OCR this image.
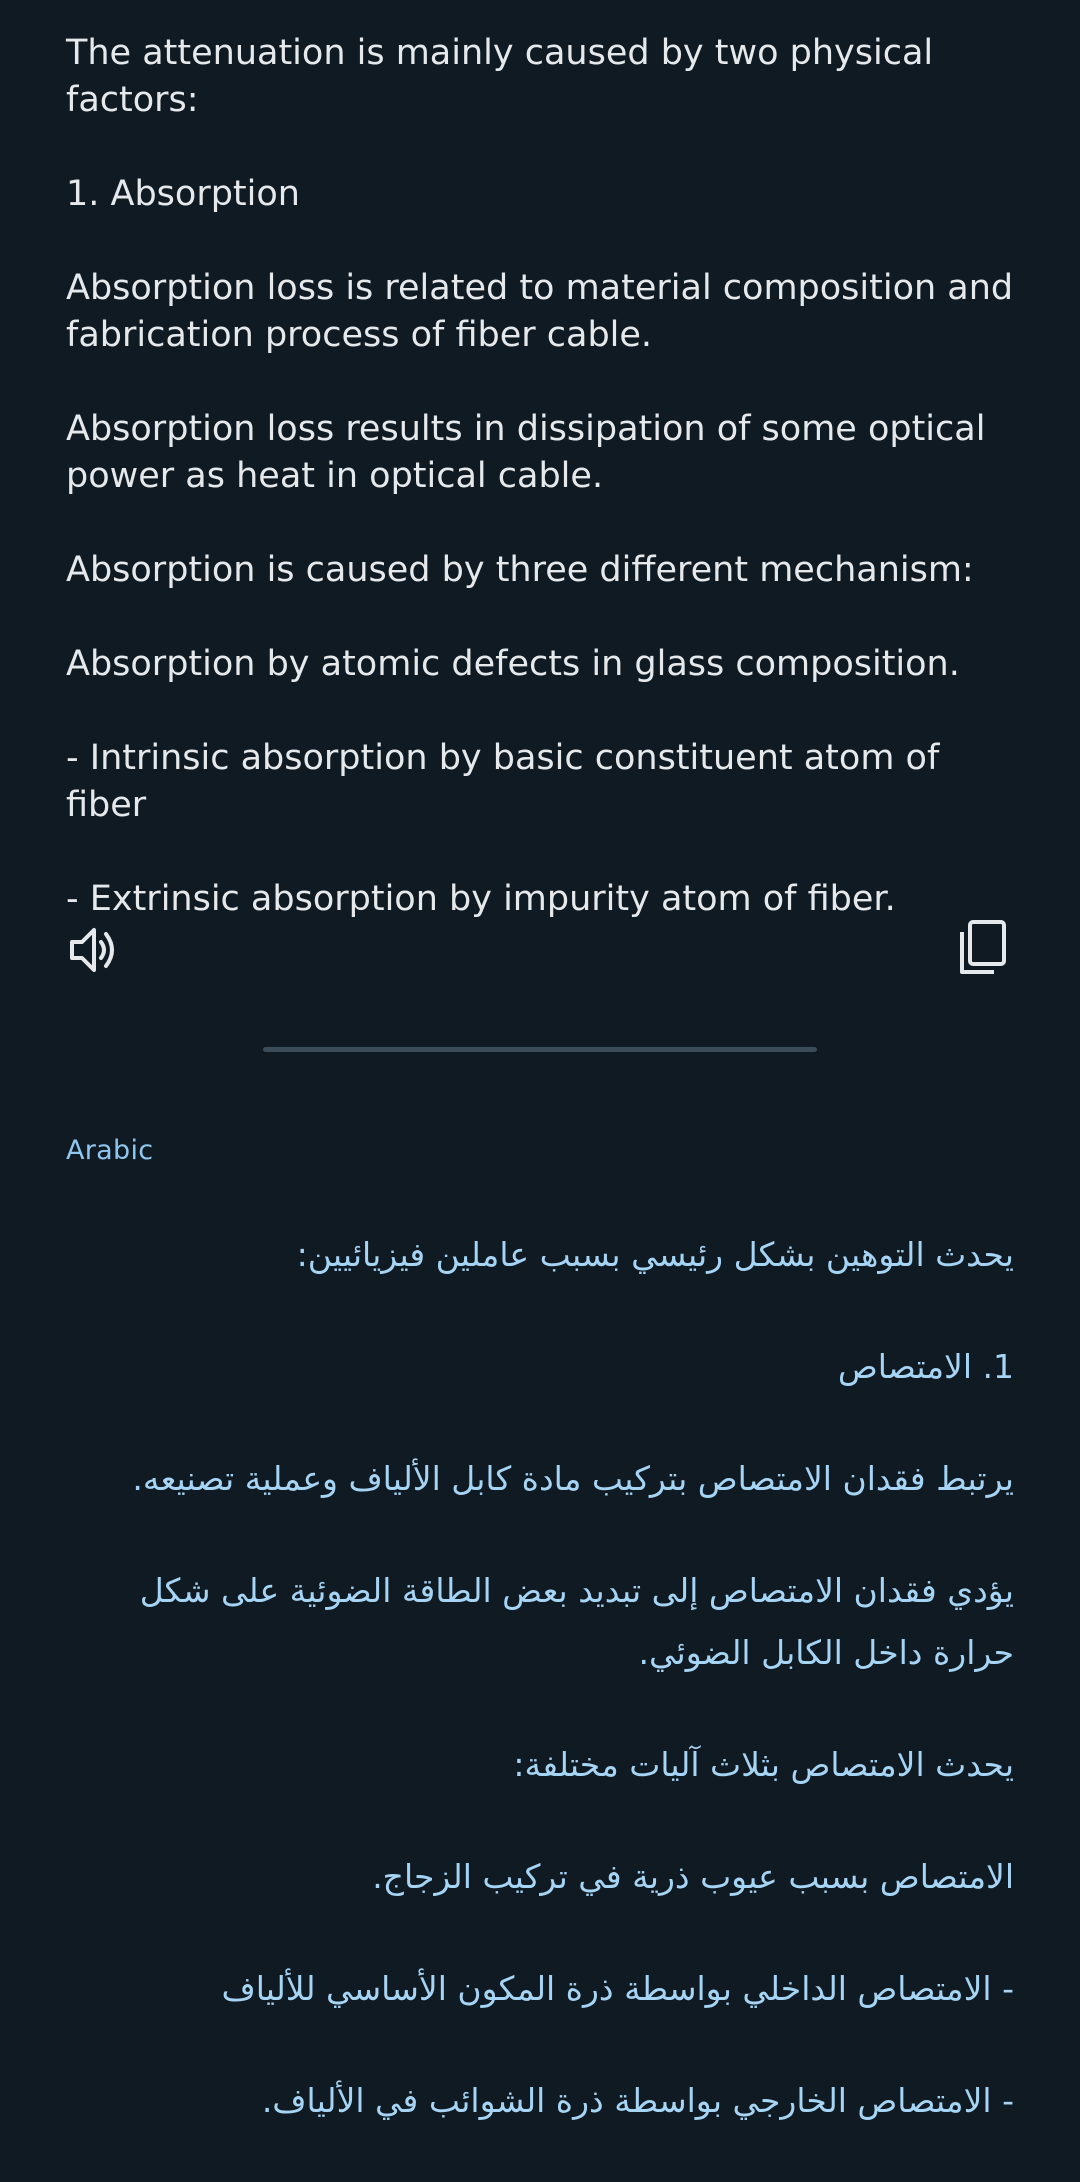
The attenuation is mainly caused by two physical factors:

1. Absorption

Absorption loss is related to material composition and fabrication process of fiber cable.

Absorption loss results in dissipation of some optical power as heat in optical cable.

Absorption is caused by three different mechanism:

Absorption by atomic defects in glass composition.

- Intrinsic absorption by basic constituent atom of fiber

- Extrinsic absorption by impurity atom of fiber.

Arabic

يحدث التوهين بشكل رئيسي بسبب عاملين فيزيائيين:

1. الامتصاص

يرتبط فقدان الامتصاص بتركيب مادة كابل الألياف وعملية تصنيعه.

يؤدي فقدان الامتصاص إلى تبديد بعض الطاقة الضوئية على شكل حرارة داخل الكابل الضوئي.

يحدث الامتصاص بثلاث آليات مختلفة:

الامتصاص بسبب عيوب ذرية في تركيب الزجاج.

- الامتصاص الداخلي بواسطة ذرة المكون الأساسي للألياف

- الامتصاص الخارجي بواسطة ذرة الشوائب في الألياف.
